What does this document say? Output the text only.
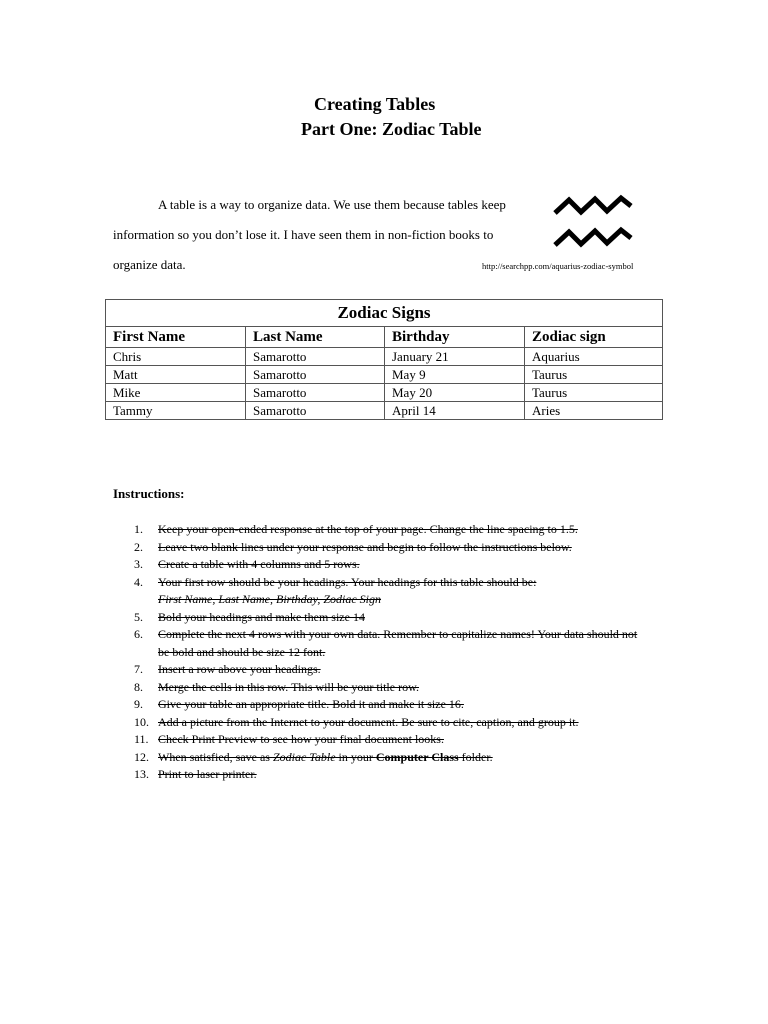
Creating Tables
Part One: Zodiac Table
A table is a way to organize data. We use them because tables keep information so you don’t lose it. I have seen them in non-fiction books to organize data.	http://searchpp.com/aquarius-zodiac-symbol
Zodiac Signs			
First Name	Last Name	Birthday	Zodiac sign
Chris	Samarotto	January 21	Aquarius
Matt	Samarotto	May 9	Taurus
Mike	Samarotto	May 20	Taurus
Tammy	Samarotto	April 14	Aries
Instructions:
1. Keep your open-ended response at the top of your page. Change the line spacing to 1.5.
2. Leave two blank lines under your response and begin to follow the instructions below.
3. Create a table with 4 columns and 5 rows.
4. Your first row should be your headings. Your headings for this table should be:
First Name, Last Name, Birthday, Zodiac Sign
5. Bold your headings and make them size 14
6. Complete the next 4 rows with your own data. Remember to capitalize names! Your data should not be bold and should be size 12 font.
7. Insert a row above your headings.
8. Merge the cells in this row. This will be your title row.
9. Give your table an appropriate title. Bold it and make it size 16.
10. Add a picture from the Internet to your document. Be sure to cite, caption, and group it.
11. Check Print Preview to see how your final document looks.
12. When satisfied, save as Zodiac Table in your Computer Class folder.
13. Print to laser printer.
